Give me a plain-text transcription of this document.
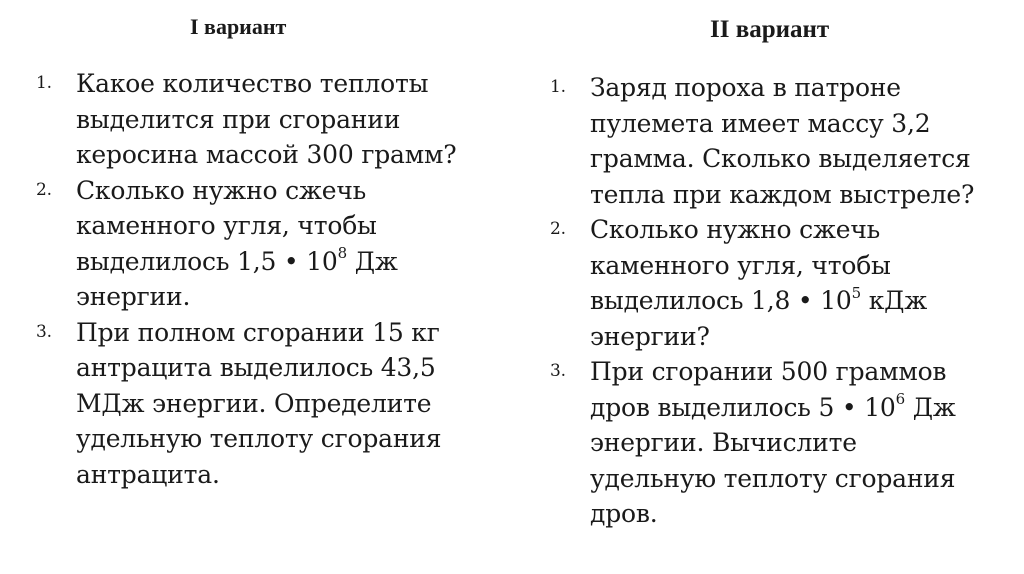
I вариант
1. Какое количество теплоты
выделится при сгорании
керосина массой 300 грамм?
2. Сколько нужно сжечь
каменного угля, чтобы
выделилось 1,5 • $10^8$ Дж
энергии.
3. При полном сгорании 15 кг
антрацита выделилось 43,5
МДж энергии. Определите
удельную теплоту сгорания
антрацита.
II вариант
1. Заряд пороха в патроне
пулемета имеет массу 3,2
грамма. Сколько выделяется
тепла при каждом выстреле?
2. Сколько нужно сжечь
каменного угля, чтобы
выделилось 1,8 • $10^5$ кДж
энергии?
3. При сгорании 500 граммов
дров выделилось 5 • $10^6$ Дж
энергии. Вычислите
удельную теплоту сгорания
дров.
